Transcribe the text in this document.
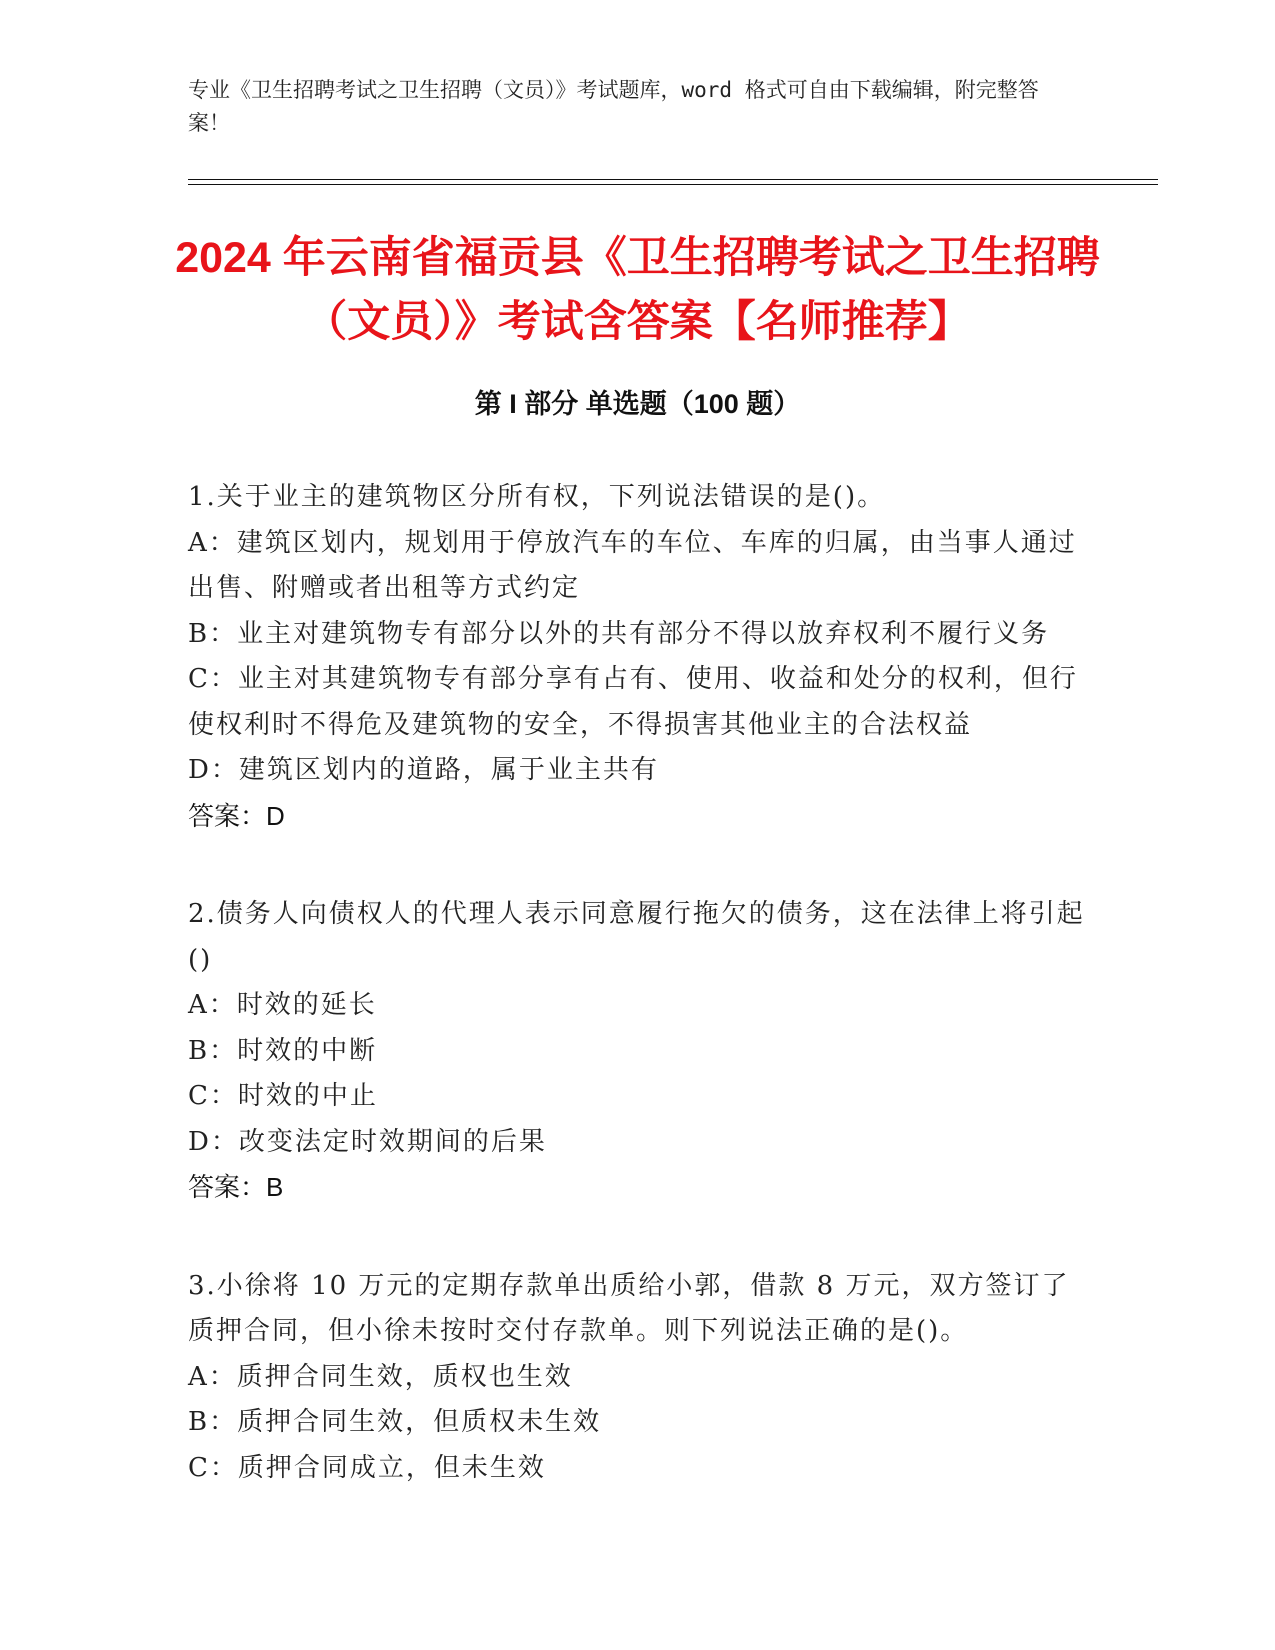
专业《卫生招聘考试之卫生招聘（文员）》考试题库，word 格式可自由下载编辑，附完整答案！

2024 年云南省福贡县《卫生招聘考试之卫生招聘（文员）》考试含答案【名师推荐】
第 I 部分 单选题（100 题）

1.关于业主的建筑物区分所有权，下列说法错误的是()。

A：建筑区划内，规划用于停放汽车的车位、车库的归属，由当事人通过出售、附赠或者出租等方式约定

B：业主对建筑物专有部分以外的共有部分不得以放弃权利不履行义务

C：业主对其建筑物专有部分享有占有、使用、收益和处分的权利，但行使权利时不得危及建筑物的安全，不得损害其他业主的合法权益

D：建筑区划内的道路，属于业主共有

答案：D

2.债务人向债权人的代理人表示同意履行拖欠的债务，这在法律上将引起()

A：时效的延长

B：时效的中断

C：时效的中止

D：改变法定时效期间的后果

答案：B

3.小徐将 10 万元的定期存款单出质给小郭，借款 8 万元，双方签订了质押合同，但小徐未按时交付存款单。则下列说法正确的是()。

A：质押合同生效，质权也生效

B：质押合同生效，但质权未生效

C：质押合同成立，但未生效
